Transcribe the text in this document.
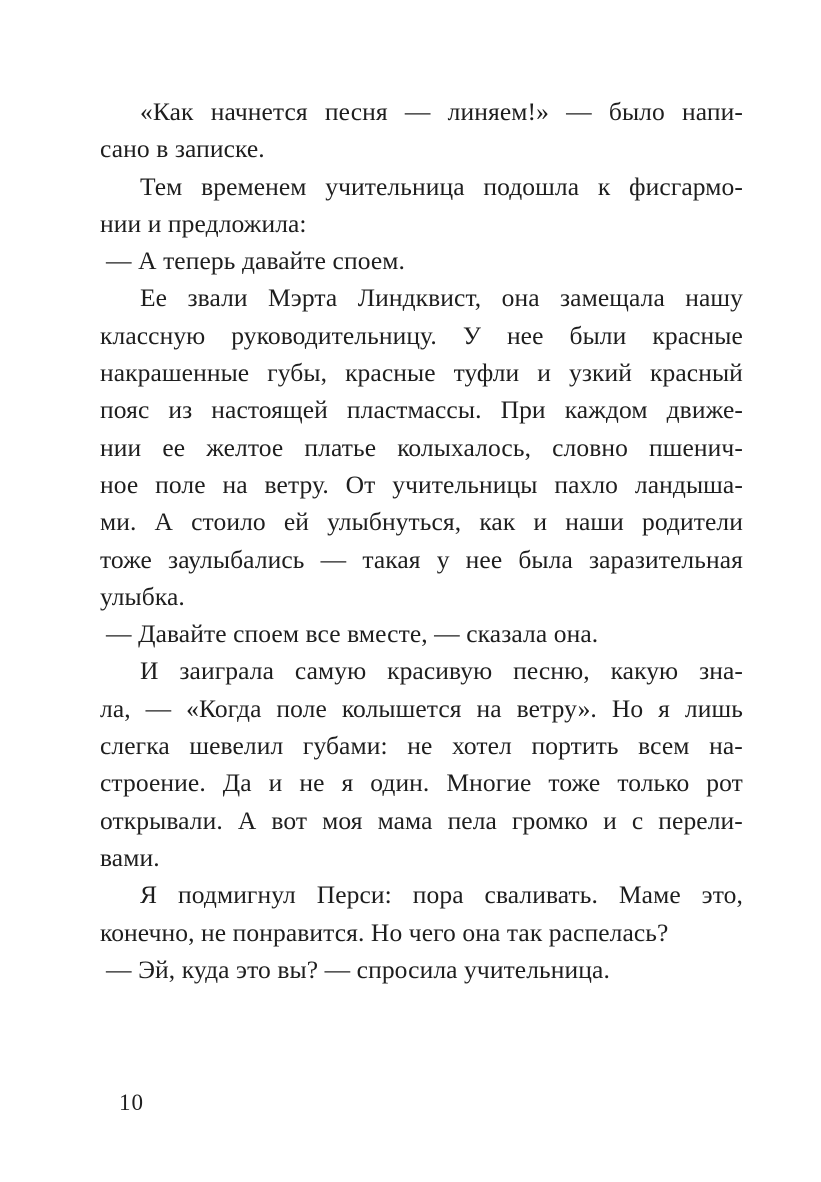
«Как начнется песня — линяем!» — было напи-
сано в записке.
Тем временем учительница подошла к фисгармо-
нии и предложила:
— А теперь давайте споем.
Ее звали Мэрта Линдквист, она замещала нашу
классную руководительницу. У нее были красные
накрашенные губы, красные туфли и узкий красный
пояс из настоящей пластмассы. При каждом движе-
нии ее желтое платье колыхалось, словно пшенич-
ное поле на ветру. От учительницы пахло ландыша-
ми. А стоило ей улыбнуться, как и наши родители
тоже заулыбались — такая у нее была заразительная
улыбка.
— Давайте споем все вместе, — сказала она.
И заиграла самую красивую песню, какую зна-
ла, — «Когда поле колышется на ветру». Но я лишь
слегка шевелил губами: не хотел портить всем на-
строение. Да и не я один. Многие тоже только рот
открывали. А вот моя мама пела громко и с перели-
вами.
Я подмигнул Перси: пора сваливать. Маме это,
конечно, не понравится. Но чего она так распелась?
— Эй, куда это вы? — спросила учительница.
10
